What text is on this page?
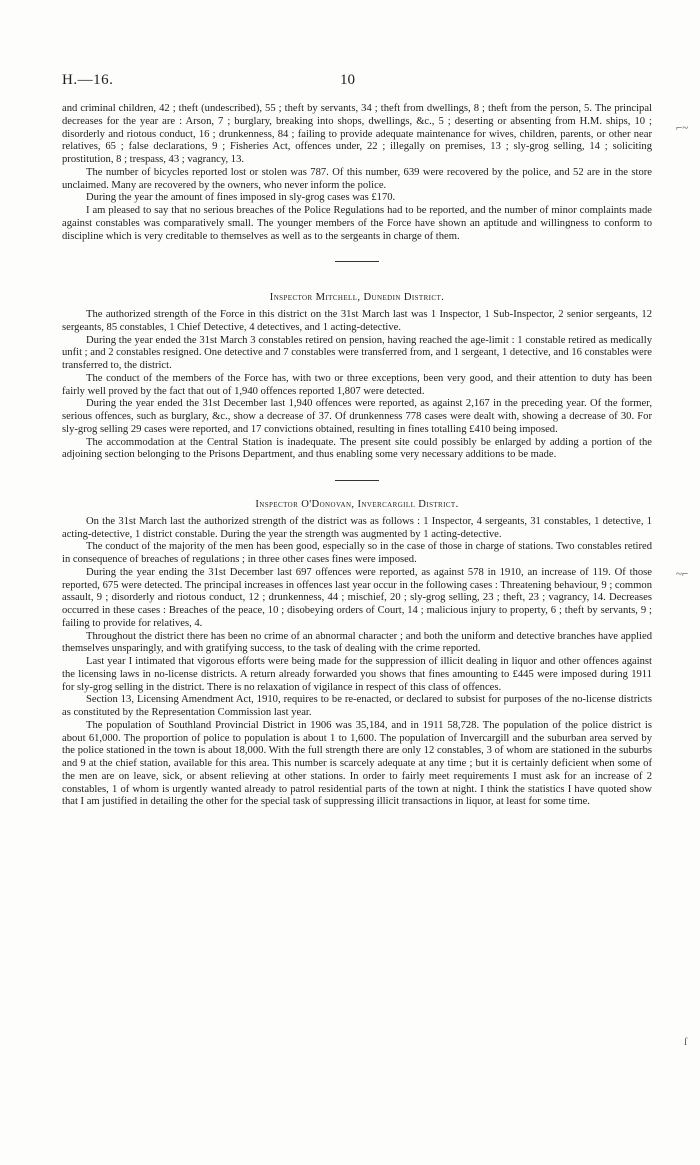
H.—16.	10
⌐~
~⌐
ſ

and criminal children, 42 ; theft (undescribed), 55 ; theft by servants, 34 ; theft from dwellings, 8 ; theft from the person, 5. The principal decreases for the year are : Arson, 7 ; burglary, breaking into shops, dwellings, &c., 5 ; deserting or absenting from H.M. ships, 10 ; disorderly and riotous conduct, 16 ; drunkenness, 84 ; failing to provide adequate maintenance for wives, children, parents, or other near relatives, 65 ; false declarations, 9 ; Fisheries Act, offences under, 22 ; illegally on premises, 13 ; sly-grog selling, 14 ; soliciting prostitution, 8 ; trespass, 43 ; vagrancy, 13.

The number of bicycles reported lost or stolen was 787. Of this number, 639 were recovered by the police, and 52 are in the store unclaimed. Many are recovered by the owners, who never inform the police.

During the year the amount of fines imposed in sly-grog cases was £170.

I am pleased to say that no serious breaches of the Police Regulations had to be reported, and the number of minor complaints made against constables was comparatively small. The younger members of the Force have shown an aptitude and willingness to conform to discipline which is very creditable to themselves as well as to the sergeants in charge of them.

Inspector Mitchell, Dunedin District.

The authorized strength of the Force in this district on the 31st March last was 1 Inspector, 1 Sub-Inspector, 2 senior sergeants, 12 sergeants, 85 constables, 1 Chief Detective, 4 detectives, and 1 acting-detective.

During the year ended the 31st March 3 constables retired on pension, having reached the age-limit : 1 constable retired as medically unfit ; and 2 constables resigned. One detective and 7 constables were transferred from, and 1 sergeant, 1 detective, and 16 constables were transferred to, the district.

The conduct of the members of the Force has, with two or three exceptions, been very good, and their attention to duty has been fairly well proved by the fact that out of 1,940 offences reported 1,807 were detected.

During the year ended the 31st December last 1,940 offences were reported, as against 2,167 in the preceding year. Of the former, serious offences, such as burglary, &c., show a decrease of 37. Of drunkenness 778 cases were dealt with, showing a decrease of 30. For sly-grog selling 29 cases were reported, and 17 convictions obtained, resulting in fines totalling £410 being imposed.

The accommodation at the Central Station is inadequate. The present site could possibly be enlarged by adding a portion of the adjoining section belonging to the Prisons Department, and thus enabling some very necessary additions to be made.

Inspector O'Donovan, Invercargill District.

On the 31st March last the authorized strength of the district was as follows : 1 Inspector, 4 sergeants, 31 constables, 1 detective, 1 acting-detective, 1 district constable. During the year the strength was augmented by 1 acting-detective.

The conduct of the majority of the men has been good, especially so in the case of those in charge of stations. Two constables retired in consequence of breaches of regulations ; in three other cases fines were imposed.

During the year ending the 31st December last 697 offences were reported, as against 578 in 1910, an increase of 119. Of those reported, 675 were detected. The principal increases in offences last year occur in the following cases : Threatening behaviour, 9 ; common assault, 9 ; disorderly and riotous conduct, 12 ; drunkenness, 44 ; mischief, 20 ; sly-grog selling, 23 ; theft, 23 ; vagrancy, 14. Decreases occurred in these cases : Breaches of the peace, 10 ; disobeying orders of Court, 14 ; malicious injury to property, 6 ; theft by servants, 9 ; failing to provide for relatives, 4.

Throughout the district there has been no crime of an abnormal character ; and both the uniform and detective branches have applied themselves unsparingly, and with gratifying success, to the task of dealing with the crime reported.

Last year I intimated that vigorous efforts were being made for the suppression of illicit dealing in liquor and other offences against the licensing laws in no-license districts. A return already forwarded you shows that fines amounting to £445 were imposed during 1911 for sly-grog selling in the district. There is no relaxation of vigilance in respect of this class of offences.

Section 13, Licensing Amendment Act, 1910, requires to be re-enacted, or declared to subsist for purposes of the no-license districts as constituted by the Representation Commission last year.

The population of Southland Provincial District in 1906 was 35,184, and in 1911 58,728. The population of the police district is about 61,000. The proportion of police to population is about 1 to 1,600. The population of Invercargill and the suburban area served by the police stationed in the town is about 18,000. With the full strength there are only 12 constables, 3 of whom are stationed in the suburbs and 9 at the chief station, available for this area. This number is scarcely adequate at any time ; but it is certainly deficient when some of the men are on leave, sick, or absent relieving at other stations. In order to fairly meet requirements I must ask for an increase of 2 constables, 1 of whom is urgently wanted already to patrol residential parts of the town at night. I think the statistics I have quoted show that I am justified in detailing the other for the special task of suppressing illicit transactions in liquor, at least for some time.
